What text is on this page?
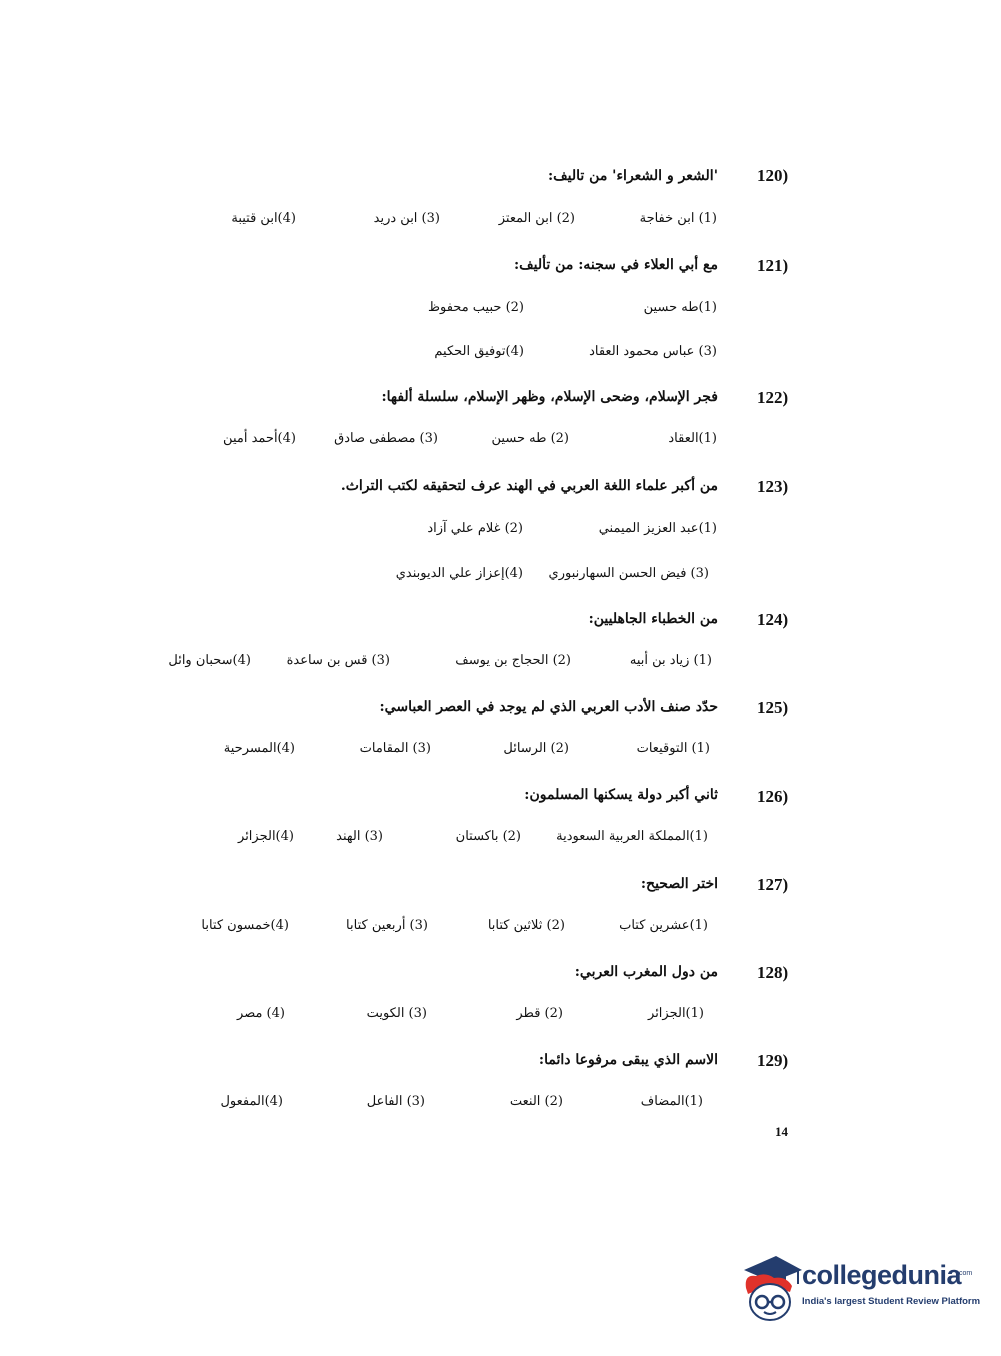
120)
'الشعر و الشعراء' من تاليف:
(1) ابن خفاجة
(2) ابن المعتز
(3) ابن دريد
(4)ابن قتيبة
121)
مع أبي العلاء في سجنه: من تأليف:
(1)طه حسين
(2) حبيب محفوظ
(3) عباس محمود العقاد
(4)توفيق الحكيم
122)
فجر الإسلام، وضحى الإسلام، وظهر الإسلام، سلسلة ألفها:
(1)العقاد
(2) طه حسين
(3) مصطفى صادق
(4)أحمد أمين
123)
من أكبر علماء اللغة العربي في الهند عرف لتحقيقه لكتب التراث.
(1)عبد العزيز الميمني
(2) غلام علي آزاد
(3) فيض الحسن السهارنبوري
(4)إعزاز علي الديوبندي
124)
من الخطباء الجاهليين:
(1) زياد بن أبيه
(2) الحجاج بن يوسف
(3) قس بن ساعدة
(4)سحبان وائل
125)
حدّد صنف الأدب العربي الذي لم يوجد في العصر العباسي:
(1) التوقيعات
(2) الرسائل
(3) المقامات
(4)المسرحية
126)
ثاني أكبر دولة يسكنها المسلمون:
(1)المملكة العربية السعودية
(2) باكستان
(3) الهند
(4)الجزائر
127)
اختر الصحيح:
(1)عشرين كتاب
(2) ثلاثين كتابا
(3) أربعين كتابا
(4)خمسون كتابا
128)
من دول المغرب العربي:
(1)الجزائر
(2) قطر
(3) الكويت
(4) مصر
129)
الاسم الذي يبقى مرفوعا دائما:
(1)المضاف
(2) النعت
(3) الفاعل
(4)المفعول
14
collegedunia
.com
India's largest Student Review Platform
